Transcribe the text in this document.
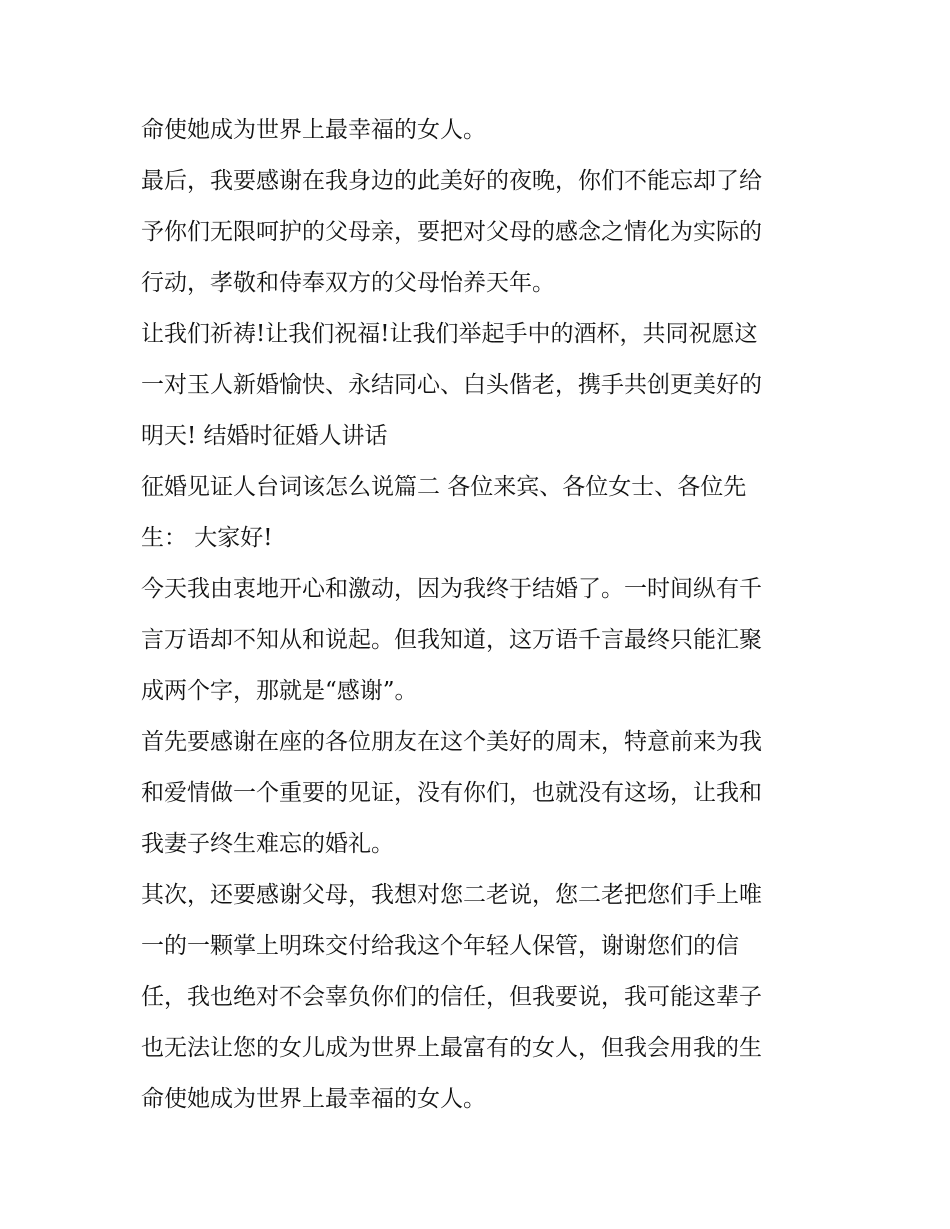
命使她成为世界上最幸福的女人。
最后，我要感谢在我身边的此美好的夜晚，你们不能忘却了给
予你们无限呵护的父母亲，要把对父母的感念之情化为实际的
行动，孝敬和侍奉双方的父母怡养天年。
让我们祈祷!让我们祝福!让我们举起手中的酒杯，共同祝愿这
一对玉人新婚愉快、永结同心、白头偕老，携手共创更美好的
明天! 结婚时征婚人讲话
征婚见证人台词该怎么说篇二 各位来宾、各位女士、各位先
生： 大家好!
今天我由衷地开心和激动，因为我终于结婚了。一时间纵有千
言万语却不知从和说起。但我知道，这万语千言最终只能汇聚
成两个字，那就是“感谢”。
首先要感谢在座的各位朋友在这个美好的周末，特意前来为我
和爱情做一个重要的见证，没有你们，也就没有这场，让我和
我妻子终生难忘的婚礼。
其次，还要感谢父母，我想对您二老说，您二老把您们手上唯
一的一颗掌上明珠交付给我这个年轻人保管，谢谢您们的信
任，我也绝对不会辜负你们的信任，但我要说，我可能这辈子
也无法让您的女儿成为世界上最富有的女人，但我会用我的生
命使她成为世界上最幸福的女人。
